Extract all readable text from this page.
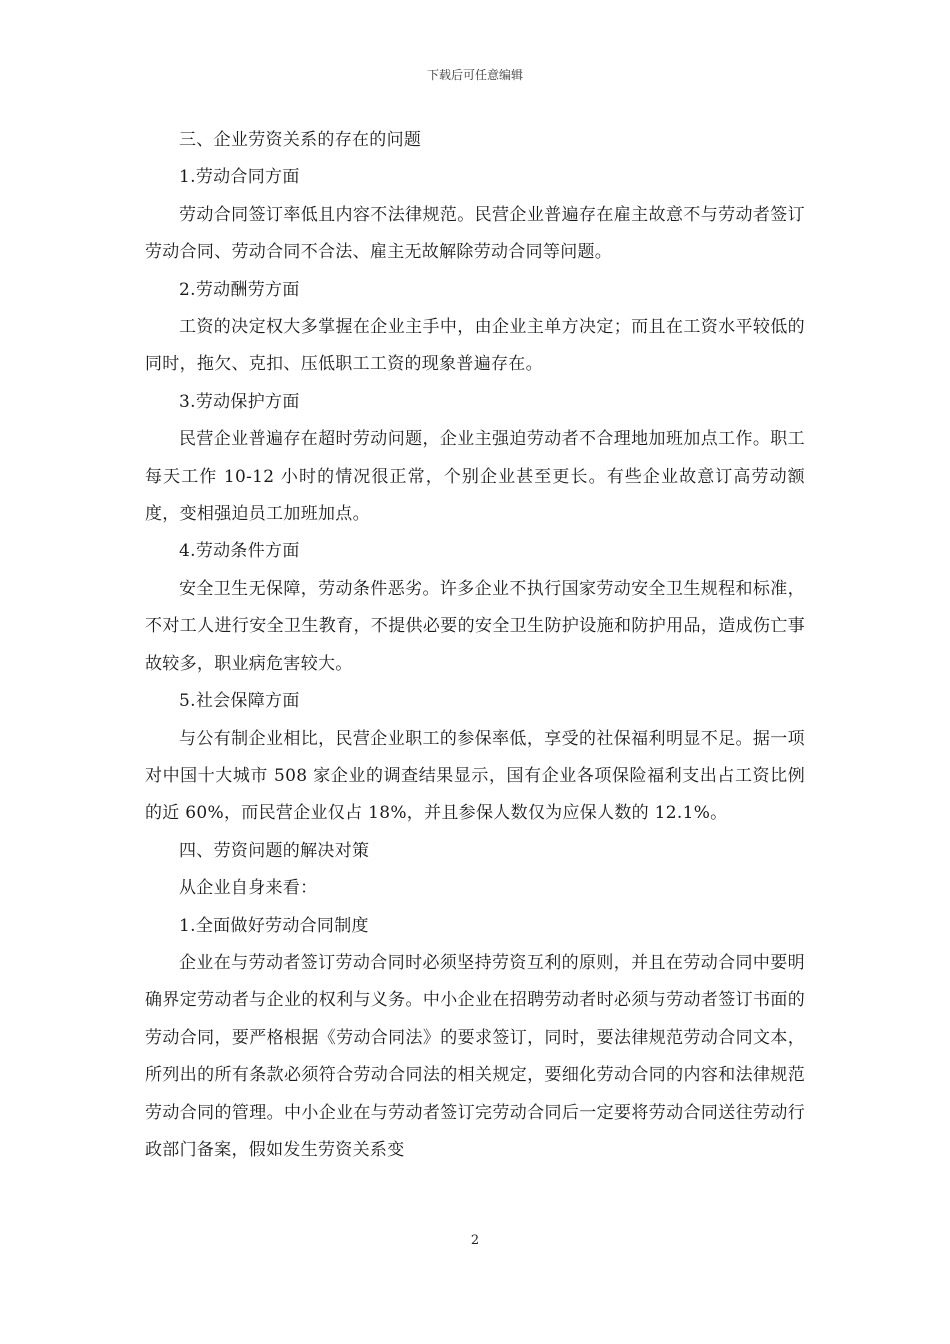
下载后可任意编辑

三、企业劳资关系的存在的问题

1.劳动合同方面

劳动合同签订率低且内容不法律规范。民营企业普遍存在雇主故意不与劳动者签订劳动合同、劳动合同不合法、雇主无故解除劳动合同等问题。

2.劳动酬劳方面

工资的决定权大多掌握在企业主手中，由企业主单方决定；而且在工资水平较低的同时，拖欠、克扣、压低职工工资的现象普遍存在。

3.劳动保护方面

民营企业普遍存在超时劳动问题，企业主强迫劳动者不合理地加班加点工作。职工每天工作 10-12 小时的情况很正常，个别企业甚至更长。有些企业故意订高劳动额度，变相强迫员工加班加点。

4.劳动条件方面

安全卫生无保障，劳动条件恶劣。许多企业不执行国家劳动安全卫生规程和标准，不对工人进行安全卫生教育，不提供必要的安全卫生防护设施和防护用品，造成伤亡事故较多，职业病危害较大。

5.社会保障方面

与公有制企业相比，民营企业职工的参保率低，享受的社保福利明显不足。据一项对中国十大城市 508 家企业的调查结果显示，国有企业各项保险福利支出占工资比例的近 60%，而民营企业仅占 18%，并且参保人数仅为应保人数的 12.1%。

四、劳资问题的解决对策

从企业自身来看：

1.全面做好劳动合同制度

企业在与劳动者签订劳动合同时必须坚持劳资互利的原则，并且在劳动合同中要明确界定劳动者与企业的权利与义务。中小企业在招聘劳动者时必须与劳动者签订书面的劳动合同，要严格根据《劳动合同法》的要求签订，同时，要法律规范劳动合同文本，所列出的所有条款必须符合劳动合同法的相关规定，要细化劳动合同的内容和法律规范劳动合同的管理。中小企业在与劳动者签订完劳动合同后一定要将劳动合同送往劳动行政部门备案，假如发生劳资关系变

2
